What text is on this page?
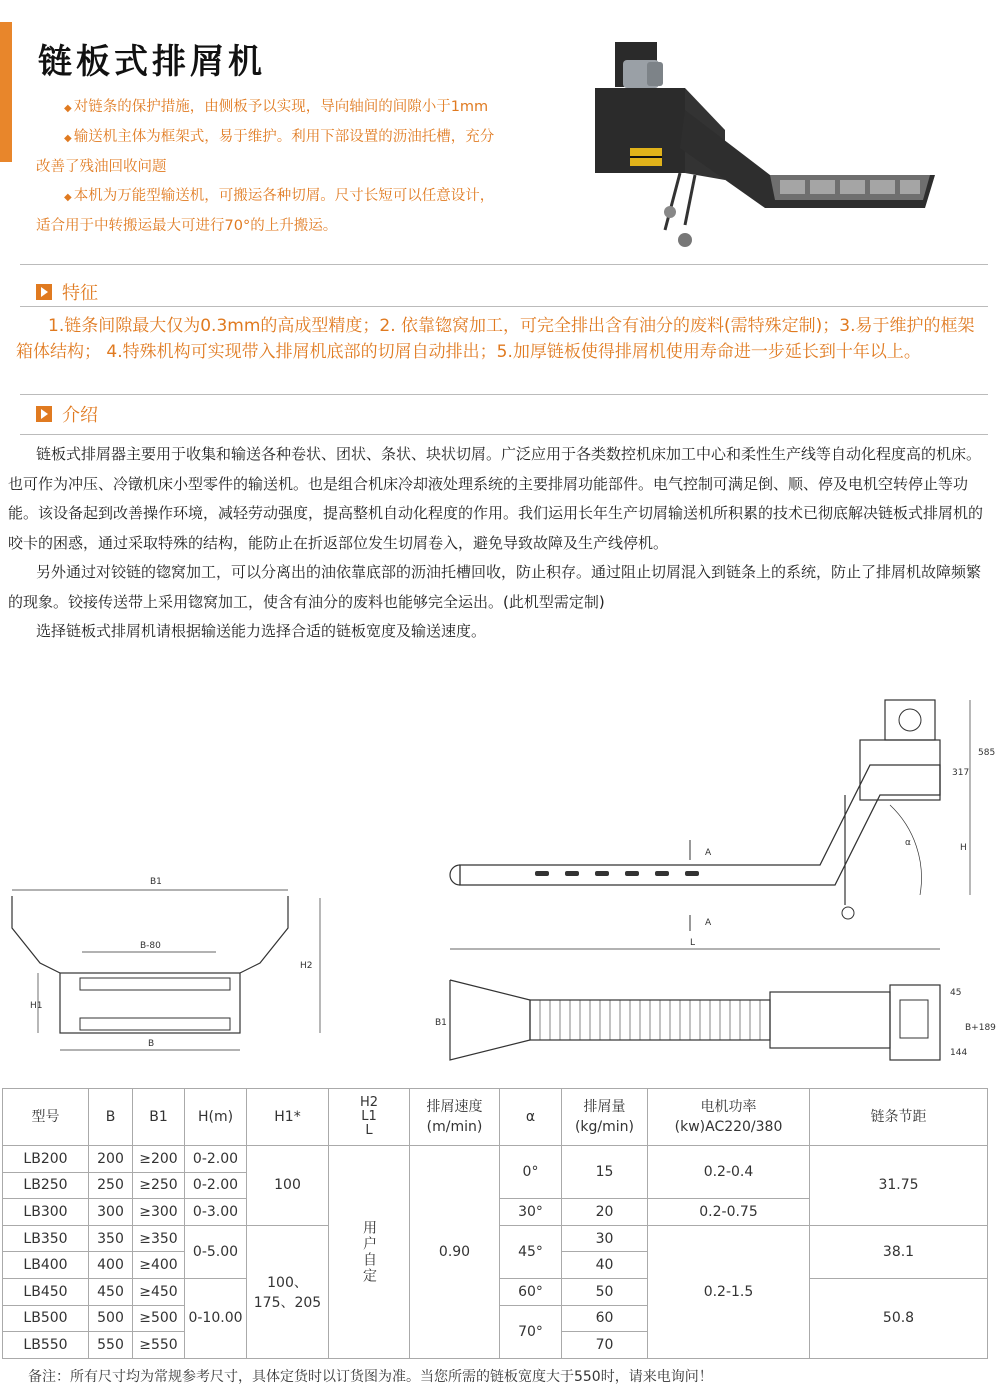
链板式排屑机

◆ 对链条的保护措施，由侧板予以实现，导向轴间的间隙小于1mm

◆ 输送机主体为框架式，易于维护。利用下部设置的沥油托槽，充分

改善了残油回收问题

◆ 本机为万能型输送机，可搬运各种切屑。尺寸长短可以任意设计，

适合用于中转搬运最大可进行70°的上升搬运。

特征
1.链条间隙最大仅为0.3mm的高成型精度；2. 依靠锪窝加工，可完全排出含有油分的废料(需特殊定制)；3.易于维护的框架箱体结构； 4.特殊机构可实现带入排屑机底部的切屑自动排出；5.加厚链板使得排屑机使用寿命进一步延长到十年以上。
介绍

链板式排屑器主要用于收集和输送各种卷状、团状、条状、块状切屑。广泛应用于各类数控机床加工中心和柔性生产线等自动化程度高的机床。也可作为冲压、冷镦机床小型零件的输送机。也是组合机床冷却液处理系统的主要排屑功能部件。电气控制可满足倒、顺、停及电机空转停止等功能。该设备起到改善操作环境，减轻劳动强度，提高整机自动化程度的作用。我们运用长年生产切屑输送机所积累的技术已彻底解决链板式排屑机的咬卡的困惑，通过采取特殊的结构，能防止在折返部位发生切屑卷入，避免导致故障及生产线停机。

另外通过对铰链的锪窝加工，可以分离出的油依靠底部的沥油托槽回收，防止积存。通过阻止切屑混入到链条上的系统，防止了排屑机故障频繁的现象。铰接传送带上采用锪窝加工，使含有油分的废料也能够完全运出。(此机型需定制)

选择链板式排屑机请根据输送能力选择合适的链板宽度及输送速度。

B1
B-80
B
H1
H2
A
A
L
H
585
317
α
B1
45
144
B+189
型号	B	B1	H(m)	H1*	H2
L1
L	排屑速度
(m/min)	α	排屑量
(kg/min)	电机功率
(kw)AC220/380	链条节距
LB200	200	≥200	0-2.00	100	用户自定	0.90	0°	15	0.2-0.4	31.75
LB250	250	≥250	0-2.00							
LB300	300	≥300	0-3.00				30°	20	0.2-0.75	
LB350	350	≥350	0-5.00	100、175、205			45°	30	0.2-1.5	38.1
LB400	400	≥400						40		
LB450	450	≥450	0-10.00				60°	50		50.8
LB500	500	≥500					70°	60		
LB550	550	≥550						70		
备注：所有尺寸均为常规参考尺寸，具体定货时以订货图为准。当您所需的链板宽度大于550时，请来电询问！
